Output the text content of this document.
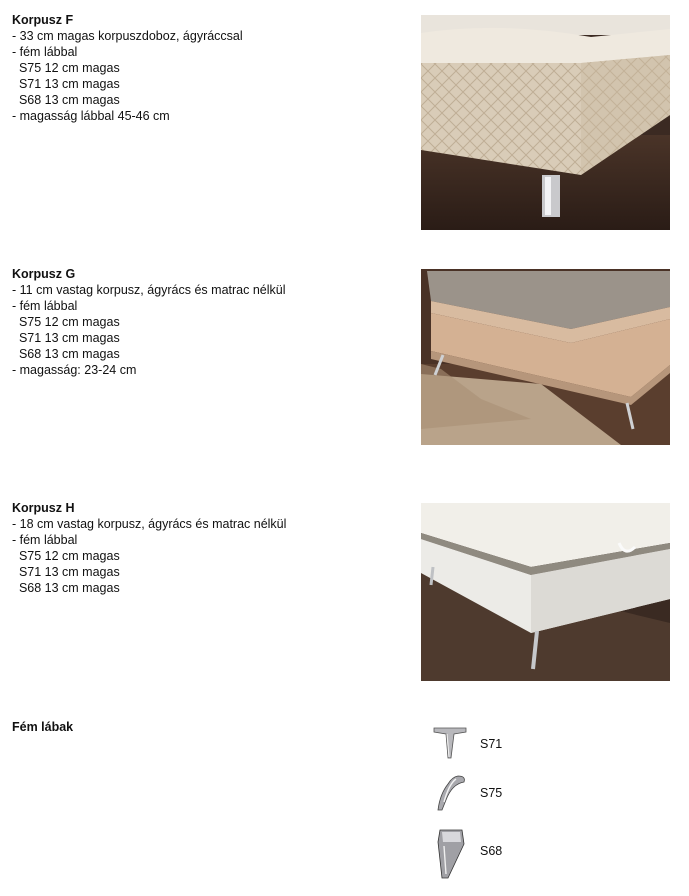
Korpusz F
- 33 cm magas korpuszdoboz, ágyráccsal
- fém lábbal
S75 12 cm magas
S71 13 cm magas
S68 13 cm magas
- magasság lábbal 45-46 cm
Korpusz G
- 11 cm vastag korpusz, ágyrács és matrac nélkül
- fém lábbal
S75 12 cm magas
S71 13 cm magas
S68 13 cm magas
- magasság: 23-24 cm
Korpusz H
- 18 cm vastag korpusz, ágyrács és matrac nélkül
- fém lábbal
S75 12 cm magas
S71 13 cm magas
S68 13 cm magas
Fém lábak
S71
S75
S68
